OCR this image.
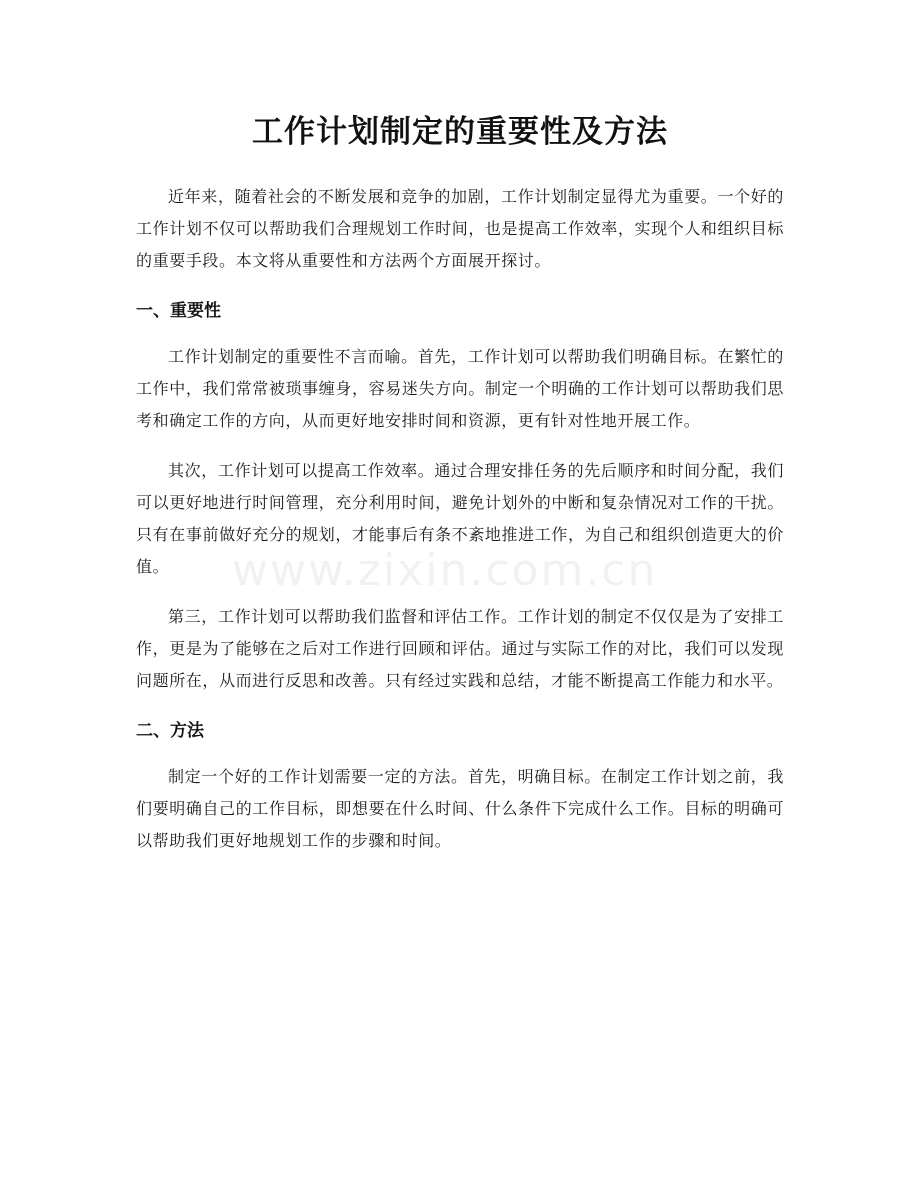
工作计划制定的重要性及方法

近年来，随着社会的不断发展和竞争的加剧，工作计划制定显得尤为重要。一个好的工作计划不仅可以帮助我们合理规划工作时间，也是提高工作效率，实现个人和组织目标的重要手段。本文将从重要性和方法两个方面展开探讨。

一、重要性

工作计划制定的重要性不言而喻。首先，工作计划可以帮助我们明确目标。在繁忙的工作中，我们常常被琐事缠身，容易迷失方向。制定一个明确的工作计划可以帮助我们思考和确定工作的方向，从而更好地安排时间和资源，更有针对性地开展工作。

其次，工作计划可以提高工作效率。通过合理安排任务的先后顺序和时间分配，我们可以更好地进行时间管理，充分利用时间，避免计划外的中断和复杂情况对工作的干扰。只有在事前做好充分的规划，才能事后有条不紊地推进工作，为自己和组织创造更大的价值。

第三，工作计划可以帮助我们监督和评估工作。工作计划的制定不仅仅是为了安排工作，更是为了能够在之后对工作进行回顾和评估。通过与实际工作的对比，我们可以发现问题所在，从而进行反思和改善。只有经过实践和总结，才能不断提高工作能力和水平。

二、方法

制定一个好的工作计划需要一定的方法。首先，明确目标。在制定工作计划之前，我们要明确自己的工作目标，即想要在什么时间、什么条件下完成什么工作。目标的明确可以帮助我们更好地规划工作的步骤和时间。

www.zixin.com.cn
